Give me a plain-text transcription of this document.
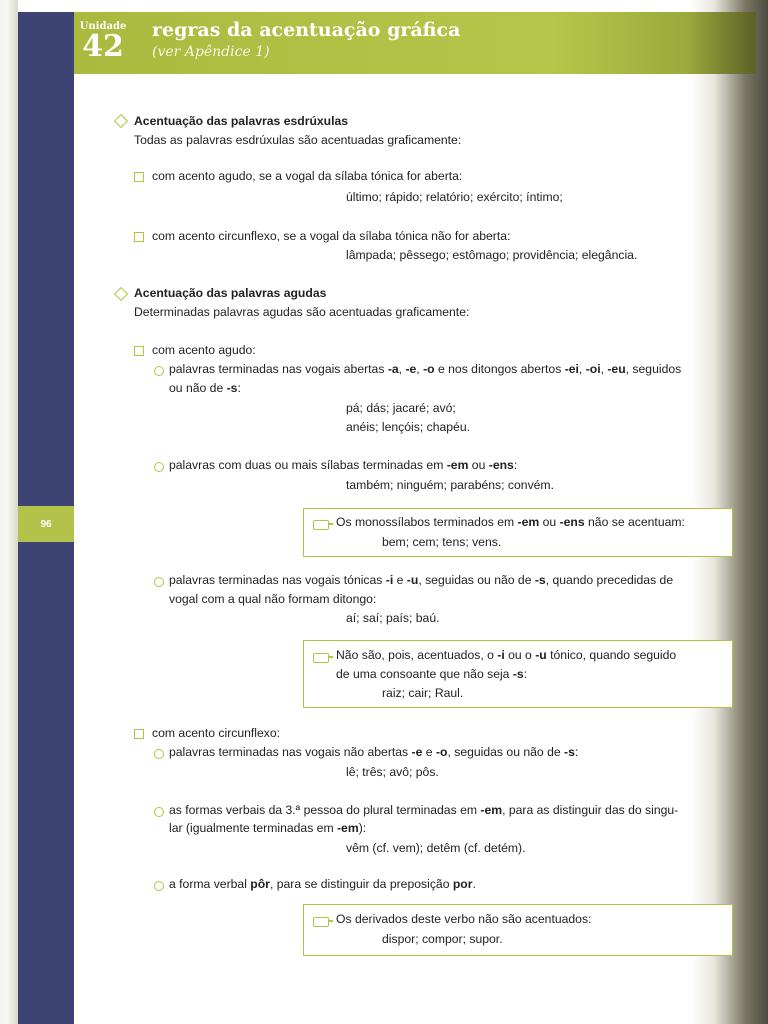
Unidade
42	regras da acentuação gráfica
(ver Apêndice 1)
96
Acentuação das palavras esdrúxulas
Todas as palavras esdrúxulas são acentuadas graficamente:
com acento agudo, se a vogal da sílaba tónica for aberta:
último; rápido; relatório; exército; íntimo;
com acento circunflexo, se a vogal da sílaba tónica não for aberta:
lâmpada; pêssego; estômago; providência; elegância.
Acentuação das palavras agudas
Determinadas palavras agudas são acentuadas graficamente:
com acento agudo:
palavras terminadas nas vogais abertas -a, -e, -o e nos ditongos abertos -ei, -oi, -eu, seguidos
ou não de -s:
pá; dás; jacaré; avó;
anéis; lençóis; chapéu.
palavras com duas ou mais sílabas terminadas em -em ou -ens:
também; ninguém; parabéns; convém.
Os monossílabos terminados em -em ou -ens não se acentuam:
bem; cem; tens; vens.
palavras terminadas nas vogais tónicas -i e -u, seguidas ou não de -s, quando precedidas de
vogal com a qual não formam ditongo:
aí; saí; país; baú.
Não são, pois, acentuados, o -i ou o -u tónico, quando seguido
de uma consoante que não seja -s:
raiz; cair; Raul.
com acento circunflexo:
palavras terminadas nas vogais não abertas -e e -o, seguidas ou não de -s:
lê; três; avô; pôs.
as formas verbais da 3.ª pessoa do plural terminadas em -em, para as distinguir das do singu-
lar (igualmente terminadas em -em):
vêm (cf. vem); detêm (cf. detém).
a forma verbal pôr, para se distinguir da preposição por.
Os derivados deste verbo não são acentuados:
dispor; compor; supor.
